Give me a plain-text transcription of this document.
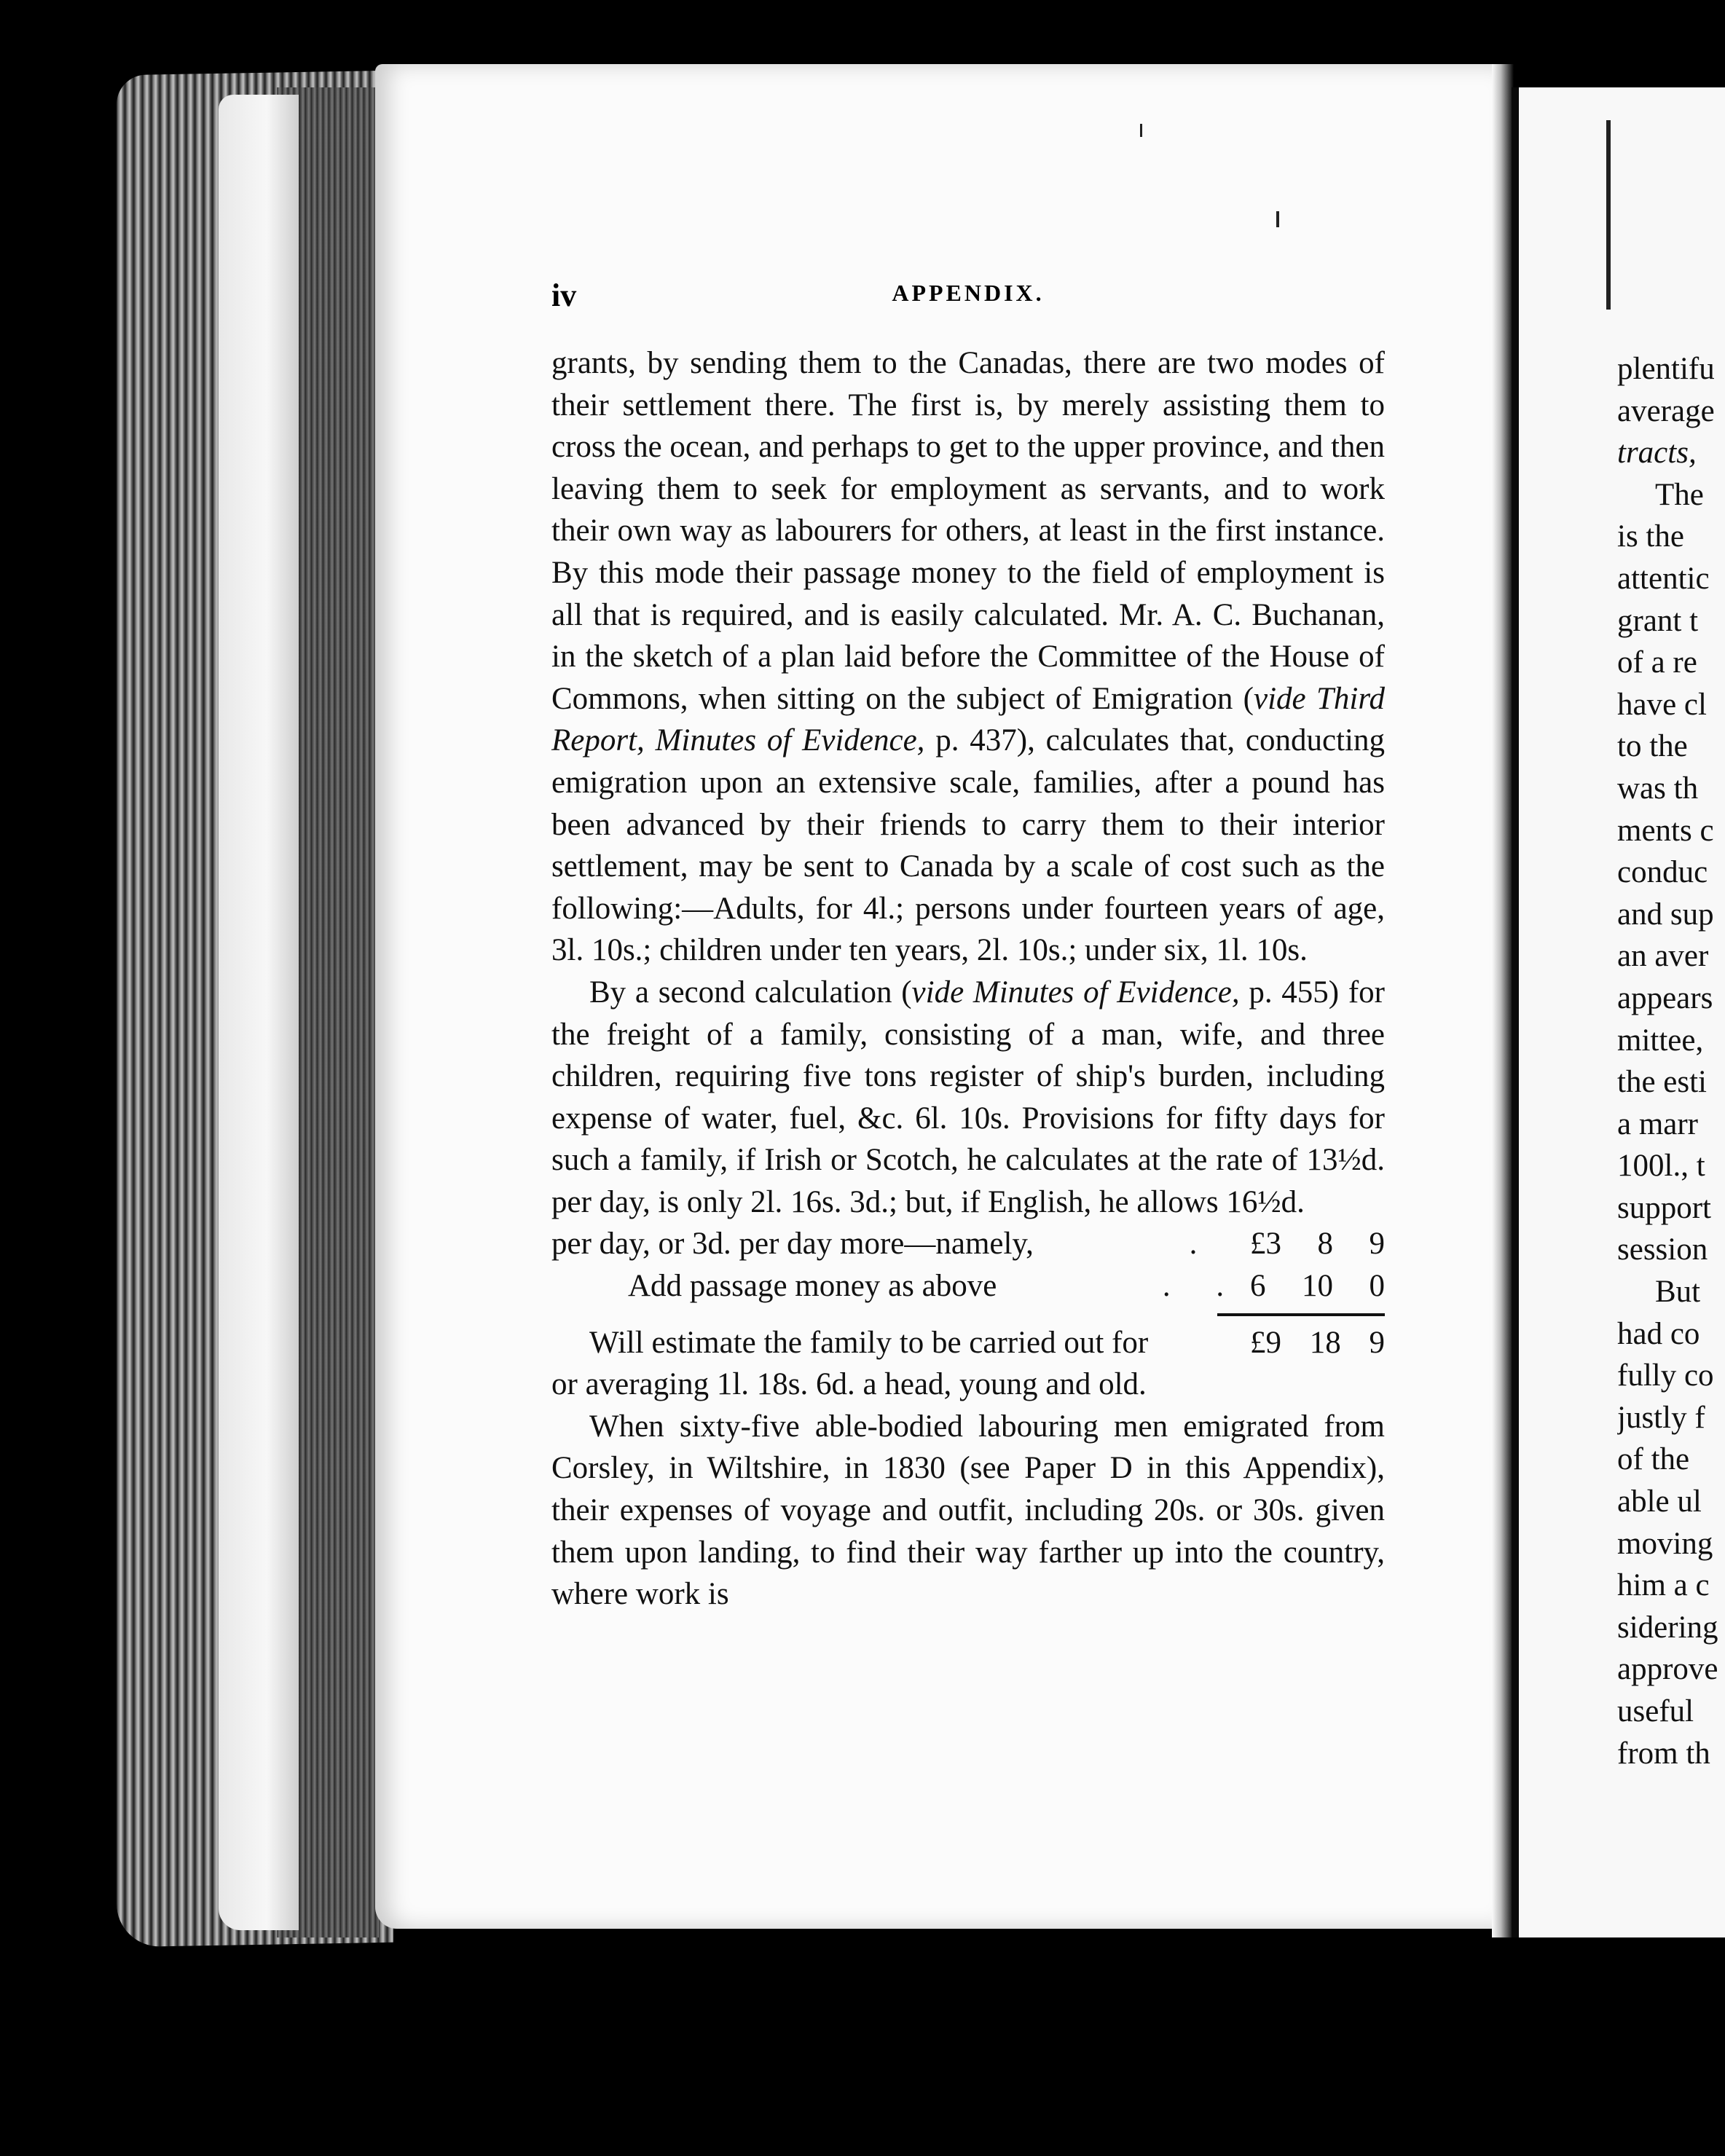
iv	APPENDIX.

grants, by sending them to the Canadas, there are two modes of their settlement there. The first is, by merely assisting them to cross the ocean, and perhaps to get to the upper province, and then leaving them to seek for employment as servants, and to work their own way as labourers for others, at least in the first instance. By this mode their passage money to the field of employment is all that is required, and is easily calculated. Mr. A. C. Buchanan, in the sketch of a plan laid before the Committee of the House of Commons, when sitting on the subject of Emigration (vide Third Report, Minutes of Evidence, p. 437), calculates that, conducting emigration upon an extensive scale, families, after a pound has been advanced by their friends to carry them to their interior settlement, may be sent to Canada by a scale of cost such as the following:—Adults, for 4l.; persons under fourteen years of age, 3l. 10s.; children under ten years, 2l. 10s.; under six, 1l. 10s.

By a second calculation (vide Minutes of Evidence, p. 455) for the freight of a family, consisting of a man, wife, and three children, requiring five tons register of ship's burden, including expense of water, fuel, &c. 6l. 10s. Provisions for fifty days for such a family, if Irish or Scotch, he calculates at the rate of 13½d. per day, is only 2l. 16s. 3d.; but, if English, he allows 16½d.

per day, or 3d. per day more—namely,	.	£3 8 9
Add passage money as above	. . 6 10 0
Will estimate the family to be carried out for	£9 18 9

or averaging 1l. 18s. 6d. a head, young and old.

When sixty-five able-bodied labouring men emigrated from Corsley, in Wiltshire, in 1830 (see Paper D in this Appendix), their expenses of voyage and outfit, including 20s. or 30s. given them upon landing, to find their way farther up into the country, where work is

plentifu
average
tracts,
The
is the
attentic
grant t
of a re
have cl
to the
was th
ments c
conduc
and sup
an aver
appears
mittee,
the esti
a marr
100l., t
support
session
But
had co
fully co
justly f
of the
able ul
moving
him a c
sidering
approve
useful
from th
